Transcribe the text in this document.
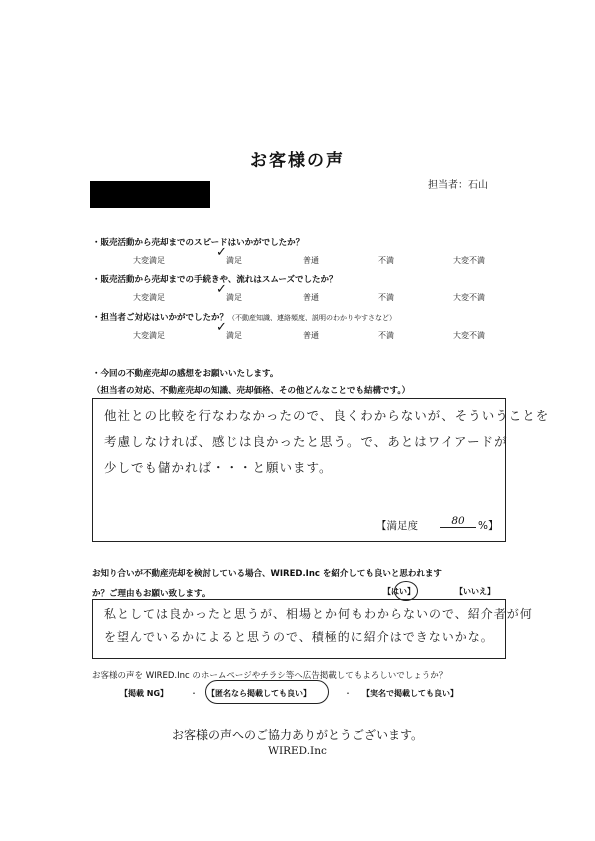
お客様の声
担当者：石山
・販売活動から売却までのスピードはいかがでしたか？
大変満足
✓
満足	普通	不満	大変不満
・販売活動から売却までの手続きや、流れはスムーズでしたか？
大変満足
✓
満足	普通	不満	大変不満
・担当者ご対応はいかがでしたか？（不動産知識、連絡頻度、説明のわかりやすさなど）
大変満足
✓
満足	普通	不満	大変不満
・今回の不動産売却の感想をお願いいたします。
（担当者の対応、不動産売却の知識、売却価格、その他どんなことでも結構です。）
他社との比較を行なわなかったので、良くわからないが、そういうことを
考慮しなければ、感じは良かったと思う。で、あとはワイアードが
少しでも儲かれば・・・と願います。
【満足度	80	%】
お知り合いが不動産売却を検討している場合、WIRED.Inc を紹介しても良いと思われます
か？ご理由もお願い致します。	【はい】	【いいえ】
私としては良かったと思うが、相場とか何もわからないので、紹介者が何
を望んでいるかによると思うので、積極的に紹介はできないかな。
お客様の声を WIRED.Inc のホームページやチラシ等へ広告掲載してもよろしいでしょうか？
【掲載 NG】	・ 【匿名なら掲載しても良い】	・ 【実名で掲載しても良い】
お客様の声へのご協力ありがとうございます。
WIRED.Inc
